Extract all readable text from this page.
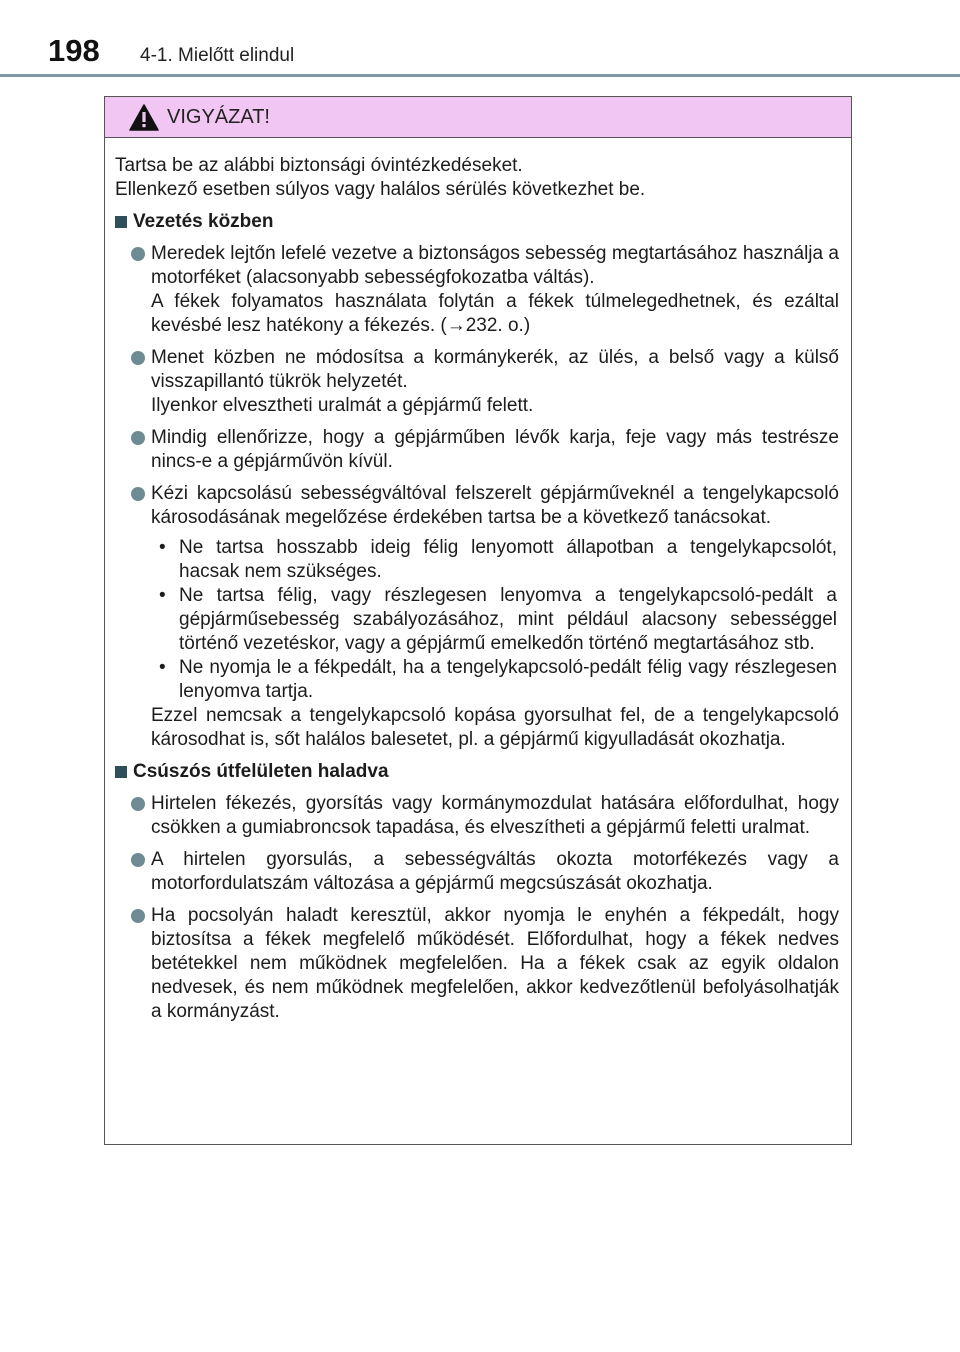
198 4-1. Mielőtt elindul
VIGYÁZAT!

Tartsa be az alábbi biztonsági óvintézkedéseket.

Ellenkező esetben súlyos vagy halálos sérülés következhet be.

Vezetés közben

Meredek lejtőn lefelé vezetve a biztonságos sebesség megtartásához használja a motorféket (alacsonyabb sebességfokozatba váltás).

A fékek folyamatos használata folytán a fékek túlmelegedhetnek, és ezáltal kevésbé lesz hatékony a fékezés. (→232. o.)

Menet közben ne módosítsa a kormánykerék, az ülés, a belső vagy a külső visszapillantó tükrök helyzetét.

Ilyenkor elvesztheti uralmát a gépjármű felett.

Mindig ellenőrizze, hogy a gépjárműben lévők karja, feje vagy más testrésze nincs-e a gépjárművön kívül.

Kézi kapcsolású sebességváltóval felszerelt gépjárműveknél a tengelykapcsoló károsodásának megelőzése érdekében tartsa be a következő tanácsokat.

• Ne tartsa hosszabb ideig félig lenyomott állapotban a tengelykapcsolót, hacsak nem szükséges.
• Ne tartsa félig, vagy részlegesen lenyomva a tengelykapcsoló-pedált a gépjárműsebesség szabályozásához, mint például alacsony sebességgel történő vezetéskor, vagy a gépjármű emelkedőn történő megtartásához stb.
• Ne nyomja le a fékpedált, ha a tengelykapcsoló-pedált félig vagy részlegesen lenyomva tartja.

Ezzel nemcsak a tengelykapcsoló kopása gyorsulhat fel, de a tengelykapcsoló károsodhat is, sőt halálos balesetet, pl. a gépjármű kigyulladását okozhatja.

Csúszós útfelületen haladva

Hirtelen fékezés, gyorsítás vagy kormánymozdulat hatására előfordulhat, hogy csökken a gumiabroncsok tapadása, és elveszítheti a gépjármű feletti uralmat.

A hirtelen gyorsulás, a sebességváltás okozta motorfékezés vagy a motorfordulatszám változása a gépjármű megcsúszását okozhatja.

Ha pocsolyán haladt keresztül, akkor nyomja le enyhén a fékpedált, hogy biztosítsa a fékek megfelelő működését. Előfordulhat, hogy a fékek nedves betétekkel nem működnek megfelelően. Ha a fékek csak az egyik oldalon nedvesek, és nem működnek megfelelően, akkor kedvezőtlenül befolyásolhatják a kormányzást.
